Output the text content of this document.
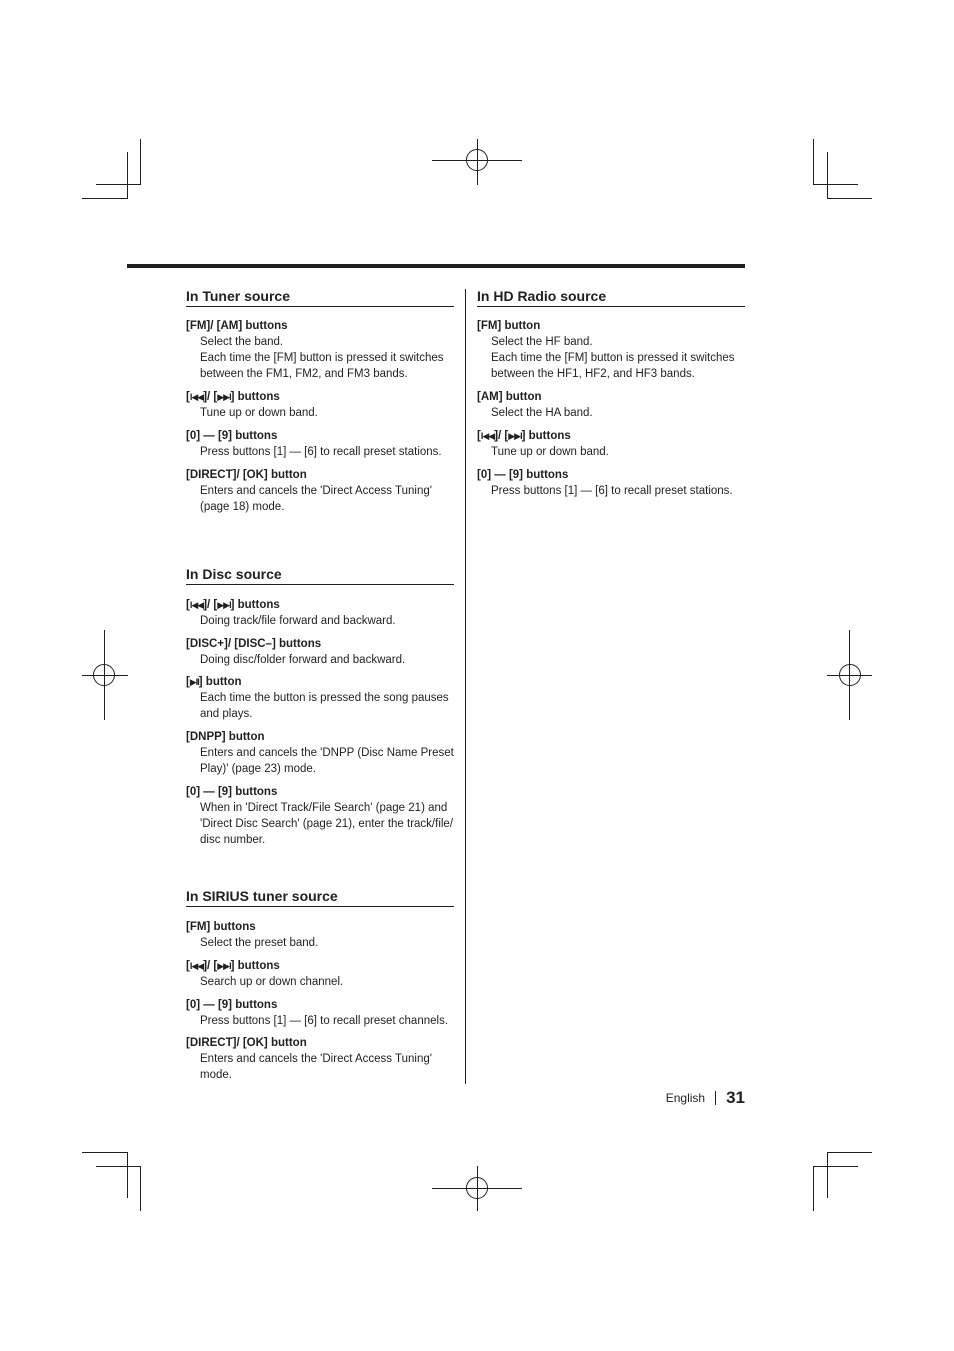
In Tuner source
[FM]/ [AM] buttons
Select the band.
Each time the [FM] button is pressed it switches
between the FM1, FM2, and FM3 bands.
[I◀◀]/ [▶▶I] buttons
Tune up or down band.
[0] — [9] buttons
Press buttons [1] — [6] to recall preset stations.
[DIRECT]/ [OK] button
Enters and cancels the 'Direct Access Tuning'
(page 18) mode.
In Disc source
[I◀◀]/ [▶▶I] buttons
Doing track/file forward and backward.
[DISC+]/ [DISC–] buttons
Doing disc/folder forward and backward.
[▶II] button
Each time the button is pressed the song pauses
and plays.
[DNPP] button
Enters and cancels the 'DNPP (Disc Name Preset
Play)' (page 23) mode.
[0] — [9] buttons
When in 'Direct Track/File Search' (page 21) and
'Direct Disc Search' (page 21), enter the track/file/
disc number.
In SIRIUS tuner source
[FM] buttons
Select the preset band.
[I◀◀]/ [▶▶I] buttons
Search up or down channel.
[0] — [9] buttons
Press buttons [1] — [6] to recall preset channels.
[DIRECT]/ [OK] button
Enters and cancels the 'Direct Access Tuning'
mode.
In HD Radio source
[FM] button
Select the HF band.
Each time the [FM] button is pressed it switches
between the HF1, HF2, and HF3 bands.
[AM] button
Select the HA band.
[I◀◀]/ [▶▶I] buttons
Tune up or down band.
[0] — [9] buttons
Press buttons [1] — [6] to recall preset stations.
English 31
